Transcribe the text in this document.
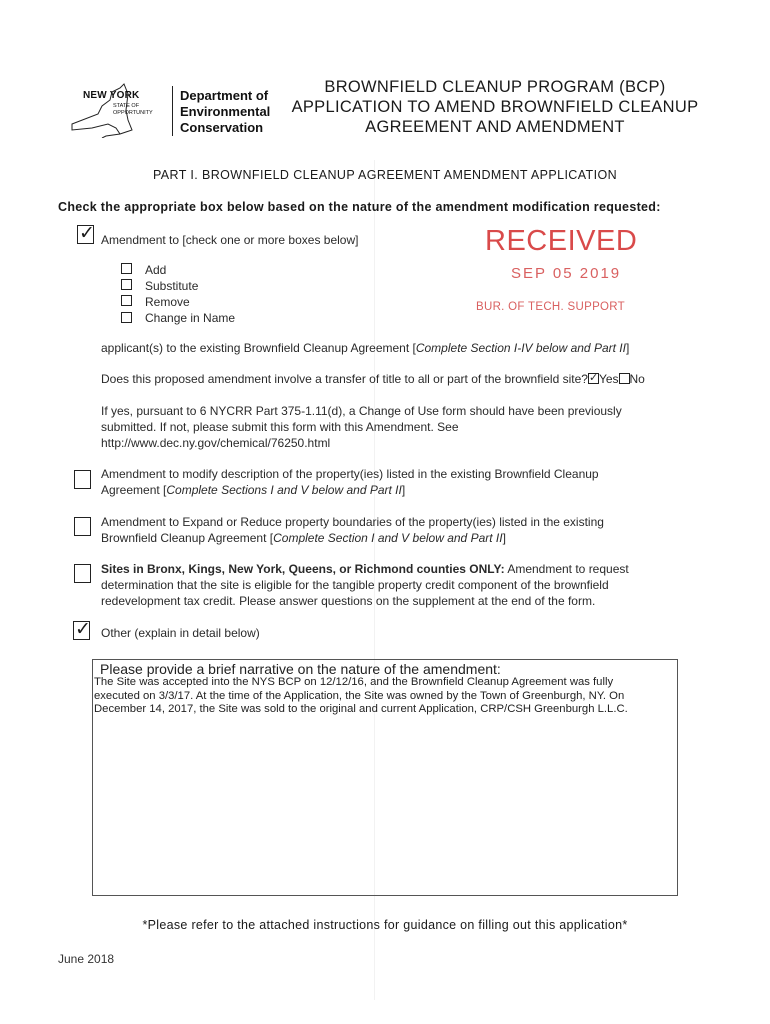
NEW YORK
STATE OF
OPPORTUNITY
Department of
Environmental
Conservation
BROWNFIELD CLEANUP PROGRAM (BCP)
APPLICATION TO AMEND BROWNFIELD CLEANUP
AGREEMENT AND AMENDMENT
PART I. BROWNFIELD CLEANUP AGREEMENT AMENDMENT APPLICATION
Check the appropriate box below based on the nature of the amendment modification requested:
✓ Amendment to [check one or more boxes below]
Add
Substitute
Remove
Change in Name
RECEIVED
SEP 05 2019
BUR. OF TECH. SUPPORT
applicant(s) to the existing Brownfield Cleanup Agreement [Complete Section I-IV below and Part II]
Does this proposed amendment involve a transfer of title to all or part of the brownfield site? ✓ Yes No
If yes, pursuant to 6 NYCRR Part 375-1.11(d), a Change of Use form should have been previously
submitted. If not, please submit this form with this Amendment. See
http://www.dec.ny.gov/chemical/76250.html
Amendment to modify description of the property(ies) listed in the existing Brownfield Cleanup
Agreement [Complete Sections I and V below and Part II]
Amendment to Expand or Reduce property boundaries of the property(ies) listed in the existing
Brownfield Cleanup Agreement [Complete Section I and V below and Part II]
Sites in Bronx, Kings, New York, Queens, or Richmond counties ONLY: Amendment to request
determination that the site is eligible for the tangible property credit component of the brownfield
redevelopment tax credit. Please answer questions on the supplement at the end of the form.
✓ Other (explain in detail below)
Please provide a brief narrative on the nature of the amendment:
The Site was accepted into the NYS BCP on 12/12/16, and the Brownfield Cleanup Agreement was fully
executed on 3/3/17. At the time of the Application, the Site was owned by the Town of Greenburgh, NY. On
December 14, 2017, the Site was sold to the original and current Application, CRP/CSH Greenburgh L.L.C.
*Please refer to the attached instructions for guidance on filling out this application*
June 2018
